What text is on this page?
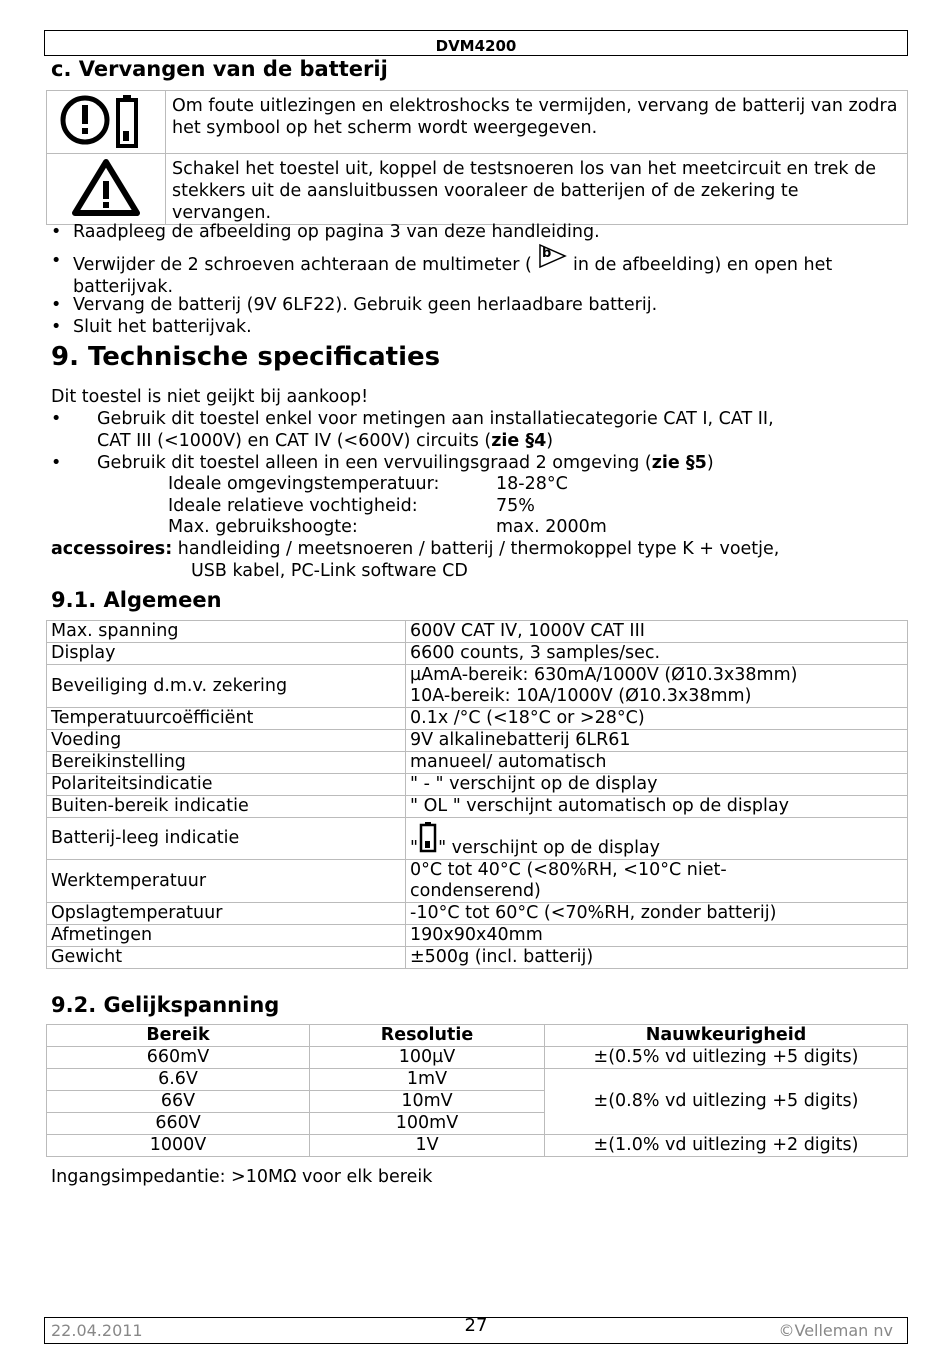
DVM4200
c. Vervangen van de batterij
	Om foute uitlezingen en elektroshocks te vermijden, vervang de batterij van zodra het symbool op het scherm wordt weergegeven.
	Schakel het toestel uit, koppel de testsnoeren los van het meetcircuit en trek de stekkers uit de aansluitbussen vooraleer de batterijen of de zekering te vervangen.
• Raadpleeg de afbeelding op pagina 3 van deze handleiding.
• Verwijder de 2 schroeven achteraan de multimeter (
b
in de afbeelding) en open het batterijvak.
• Vervang de batterij (9V 6LF22). Gebruik geen herlaadbare batterij.
• Sluit het batterijvak.
9. Technische specificaties
Dit toestel is niet geijkt bij aankoop!
• Gebruik dit toestel enkel voor metingen aan installatiecategorie CAT I, CAT II,
CAT III (<1000V) en CAT IV (<600V) circuits (zie §4)
•	Gebruik dit toestel alleen in een vervuilingsgraad 2 omgeving (zie §5)
Ideale omgevingstemperatuur:	18-28°C
Ideale relatieve vochtigheid:	75%
Max. gebruikshoogte:	max. 2000m
accessoires: handleiding / meetsnoeren / batterij / thermokoppel type K + voetje,
USB kabel, PC-Link software CD
9.1. Algemeen
Max. spanning	600V CAT IV, 1000V CAT III
Display	6600 counts, 3 samples/sec.
Beveiliging d.m.v. zekering	µAmA-bereik: 630mA/1000V (Ø10.3x38mm)
10A-bereik: 10A/1000V (Ø10.3x38mm)

Temperatuurcoëfficiënt	0.1x /°C (<18°C or >28°C)
Voeding	9V alkalinebatterij 6LR61
Bereikinstelling	manueel/ automatisch
Polariteitsindicatie	" - " verschijnt op de display
Buiten-bereik indicatie	" OL " verschijnt automatisch op de display
Batterij-leeg indicatie	" " verschijnt op de display
Werktemperatuur	0°C tot 40°C (<80%RH, <10°C niet-
condenserend)

Opslagtemperatuur	-10°C tot 60°C (<70%RH, zonder batterij)
Afmetingen	190x90x40mm
Gewicht	±500g (incl. batterij)
9.2. Gelijkspanning
Bereik	Resolutie	Nauwkeurigheid
660mV	100µV	±(0.5% vd uitlezing +5 digits)
6.6V	1mV	±(0.8% vd uitlezing +5 digits)
66V	10mV	
660V	100mV	
1000V	1V	±(1.0% vd uitlezing +2 digits)
Ingangsimpedantie: >10MΩ voor elk bereik
22.04.2011	27	©Velleman nv
